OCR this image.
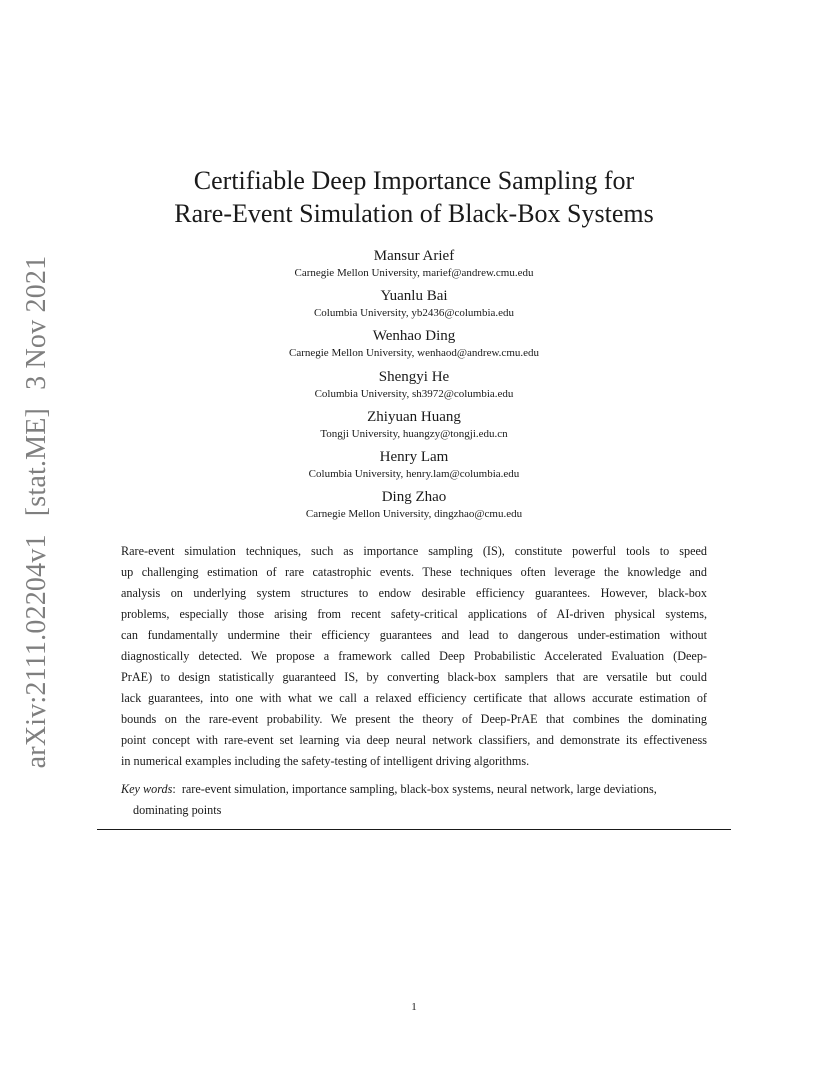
arXiv:2111.02204v1[stat.ME]3 Nov 2021
Certifiable Deep Importance Sampling for
Rare-Event Simulation of Black-Box Systems
Mansur Arief
Carnegie Mellon University, marief@andrew.cmu.edu
Yuanlu Bai
Columbia University, yb2436@columbia.edu
Wenhao Ding
Carnegie Mellon University, wenhaod@andrew.cmu.edu
Shengyi He
Columbia University, sh3972@columbia.edu
Zhiyuan Huang
Tongji University, huangzy@tongji.edu.cn
Henry Lam
Columbia University, henry.lam@columbia.edu
Ding Zhao
Carnegie Mellon University, dingzhao@cmu.edu
Rare-event simulation techniques, such as importance sampling (IS), constitute powerful tools to speed
up challenging estimation of rare catastrophic events. These techniques often leverage the knowledge and
analysis on underlying system structures to endow desirable efficiency guarantees. However, black-box
problems, especially those arising from recent safety-critical applications of AI-driven physical systems,
can fundamentally undermine their efficiency guarantees and lead to dangerous under-estimation without
diagnostically detected. We propose a framework called Deep Probabilistic Accelerated Evaluation (Deep-
PrAE) to design statistically guaranteed IS, by converting black-box samplers that are versatile but could
lack guarantees, into one with what we call a relaxed efficiency certificate that allows accurate estimation of
bounds on the rare-event probability. We present the theory of Deep-PrAE that combines the dominating
point concept with rare-event set learning via deep neural network classifiers, and demonstrate its effectiveness
in numerical examples including the safety-testing of intelligent driving algorithms.
Key words: rare-event simulation, importance sampling, black-box systems, neural network, large deviations,
dominating points
1
